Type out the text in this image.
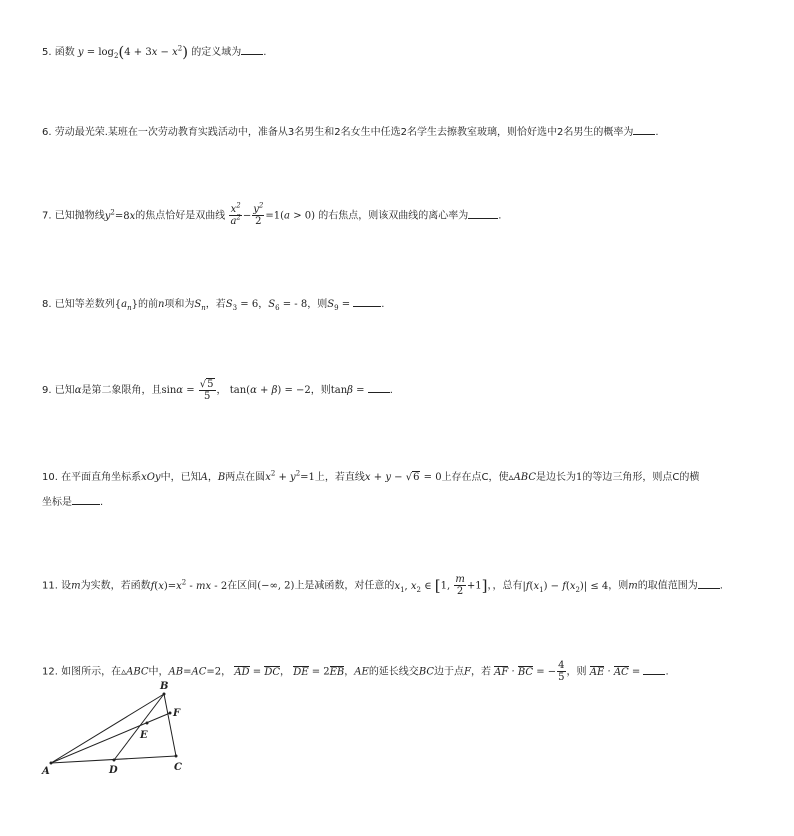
5. 函数 $y = \log_2(4 + 3x - x^2)$ 的定义域为 .
6. 劳动最光荣.某班在一次劳动教育实践活动中，准备从3名男生和2名女生中任选2名学生去擦教室玻璃，则恰好选中2名男生的概率为 .
7. 已知抛物线$y^2=8x$的焦点恰好是双曲线 $\frac{x^2}{a^2} - \frac{y^2}{2} =1(a > 0)$ 的右焦点，则该双曲线的离心率为	.
8. 已知等差数列$\{a_n\}$的前n项和为$S_n$，若$S_3 = 6$，$S_6$ = ‐ 8，则$S_9$ =	.
9. 已知α是第二象限角，且$\sin\alpha = \frac{√5}{5}$ ， tan(α + β) = −2，则tanβ = .
10. 在平面直角坐标系xOy中，已知A，B两点在圆$x^2 + y^2=1$上，若直线x + y − √6 = 0上存在点C，使▵ABC是边长为1的等边三角形，则点C的横
坐标是	.
11. 设m为实数，若函数$f(x)=x^2$ ‐ mx ‐ 2在区间(−∞, 2)上是减函数，对任意的$x_1$, $x_2$ ∈ [1, $\frac{m}{2} +1$]，，总有$|f(x_1) - f(x_2)| \le 4$，则m的取值范围为 .
12. 如图所示，在▵ABC中，AB=AC=2， AD = DC， DE = 2EB，AE的延长线交BC边于点F，若 AF · BC = − $\frac{4}{5}$ ，则 AE · AC = .
A
B
C
D
E
F
